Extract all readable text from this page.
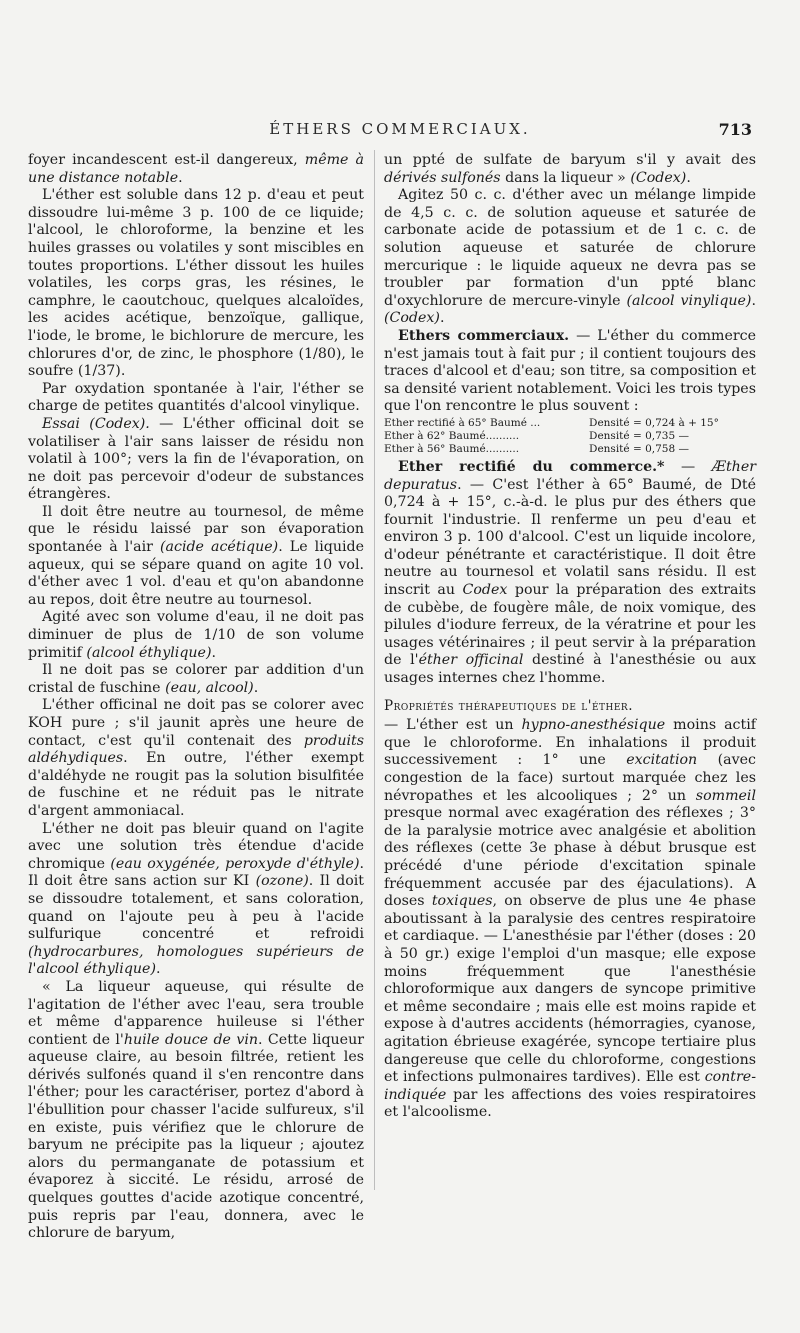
ÉTHERS COMMERCIAUX.	713

foyer incandescent est-il dangereux, même à une distance notable.

L'éther est soluble dans 12 p. d'eau et peut dissoudre lui-même 3 p. 100 de ce liquide; l'alcool, le chloroforme, la benzine et les huiles grasses ou volatiles y sont miscibles en toutes proportions. L'éther dissout les huiles volatiles, les corps gras, les résines, le camphre, le caoutchouc, quelques alcaloïdes, les acides acétique, benzoïque, gallique, l'iode, le brome, le bichlorure de mercure, les chlorures d'or, de zinc, le phosphore (1/80), le soufre (1/37).

Par oxydation spontanée à l'air, l'éther se charge de petites quantités d'alcool vinylique.

Essai (Codex). — L'éther officinal doit se volatiliser à l'air sans laisser de résidu non volatil à 100°; vers la fin de l'évaporation, on ne doit pas percevoir d'odeur de substances étrangères.

Il doit être neutre au tournesol, de même que le résidu laissé par son évaporation spontanée à l'air (acide acétique). Le liquide aqueux, qui se sépare quand on agite 10 vol. d'éther avec 1 vol. d'eau et qu'on abandonne au repos, doit être neutre au tournesol.

Agité avec son volume d'eau, il ne doit pas diminuer de plus de 1/10 de son volume primitif (alcool éthylique).

Il ne doit pas se colorer par addition d'un cristal de fuschine (eau, alcool).

L'éther officinal ne doit pas se colorer avec KOH pure ; s'il jaunit après une heure de contact, c'est qu'il contenait des produits aldéhydiques. En outre, l'éther exempt d'aldéhyde ne rougit pas la solution bisulfitée de fuschine et ne réduit pas le nitrate d'argent ammoniacal.

L'éther ne doit pas bleuir quand on l'agite avec une solution très étendue d'acide chromique (eau oxygénée, peroxyde d'éthyle). Il doit être sans action sur KI (ozone). Il doit se dissoudre totalement, et sans coloration, quand on l'ajoute peu à peu à l'acide sulfurique concentré et refroidi (hydrocarbures, homologues supérieurs de l'alcool éthylique).

« La liqueur aqueuse, qui résulte de l'agitation de l'éther avec l'eau, sera trouble et même d'apparence huileuse si l'éther contient de l'huile douce de vin. Cette liqueur aqueuse claire, au besoin filtrée, retient les dérivés sulfonés quand il s'en rencontre dans l'éther; pour les caractériser, portez d'abord à l'ébullition pour chasser l'acide sulfureux, s'il en existe, puis vérifiez que le chlorure de baryum ne précipite pas la liqueur ; ajoutez alors du permanganate de potassium et évaporez à siccité. Le résidu, arrosé de quelques gouttes d'acide azotique concentré, puis repris par l'eau, donnera, avec le chlorure de baryum,

un ppté de sulfate de baryum s'il y avait des dérivés sulfonés dans la liqueur » (Codex).

Agitez 50 c. c. d'éther avec un mélange limpide de 4,5 c. c. de solution aqueuse et saturée de carbonate acide de potassium et de 1 c. c. de solution aqueuse et saturée de chlorure mercurique : le liquide aqueux ne devra pas se troubler par formation d'un ppté blanc d'oxychlorure de mercure-vinyle (alcool vinylique). (Codex).

Ethers commerciaux. — L'éther du commerce n'est jamais tout à fait pur ; il contient toujours des traces d'alcool et d'eau; son titre, sa composition et sa densité varient notablement. Voici les trois types que l'on rencontre le plus souvent :

Ether rectifié à 65° Baumé ...	Densité = 0,724 à + 15°
Ether à 62° Baumé..........	Densité = 0,735 —
Ether à 56° Baumé..........	Densité = 0,758 —

Ether rectifié du commerce.* — Æther depuratus. — C'est l'éther à 65° Baumé, de Dté 0,724 à + 15°, c.-à-d. le plus pur des éthers que fournit l'industrie. Il renferme un peu d'eau et environ 3 p. 100 d'alcool. C'est un liquide incolore, d'odeur pénétrante et caractéristique. Il doit être neutre au tournesol et volatil sans résidu. Il est inscrit au Codex pour la préparation des extraits de cubèbe, de fougère mâle, de noix vomique, des pilules d'iodure ferreux, de la vératrine et pour les usages vétérinaires ; il peut servir à la préparation de l'éther officinal destiné à l'anesthésie ou aux usages internes chez l'homme.

Propriétés thérapeutiques de l'éther.

— L'éther est un hypno-anesthésique moins actif que le chloroforme. En inhalations il produit successivement : 1° une excitation (avec congestion de la face) surtout marquée chez les névropathes et les alcooliques ; 2° un sommeil presque normal avec exagération des réflexes ; 3° de la paralysie motrice avec analgésie et abolition des réflexes (cette 3e phase à début brusque est précédé d'une période d'excitation spinale fréquemment accusée par des éjaculations). A doses toxiques, on observe de plus une 4e phase aboutissant à la paralysie des centres respiratoire et cardiaque. — L'anesthésie par l'éther (doses : 20 à 50 gr.) exige l'emploi d'un masque; elle expose moins fréquemment que l'anesthésie chloroformique aux dangers de syncope primitive et même secondaire ; mais elle est moins rapide et expose à d'autres accidents (hémorragies, cyanose, agitation ébrieuse exagérée, syncope tertiaire plus dangereuse que celle du chloroforme, congestions et infections pulmonaires tardives). Elle est contre-indiquée par les affections des voies respiratoires et l'alcoolisme.
